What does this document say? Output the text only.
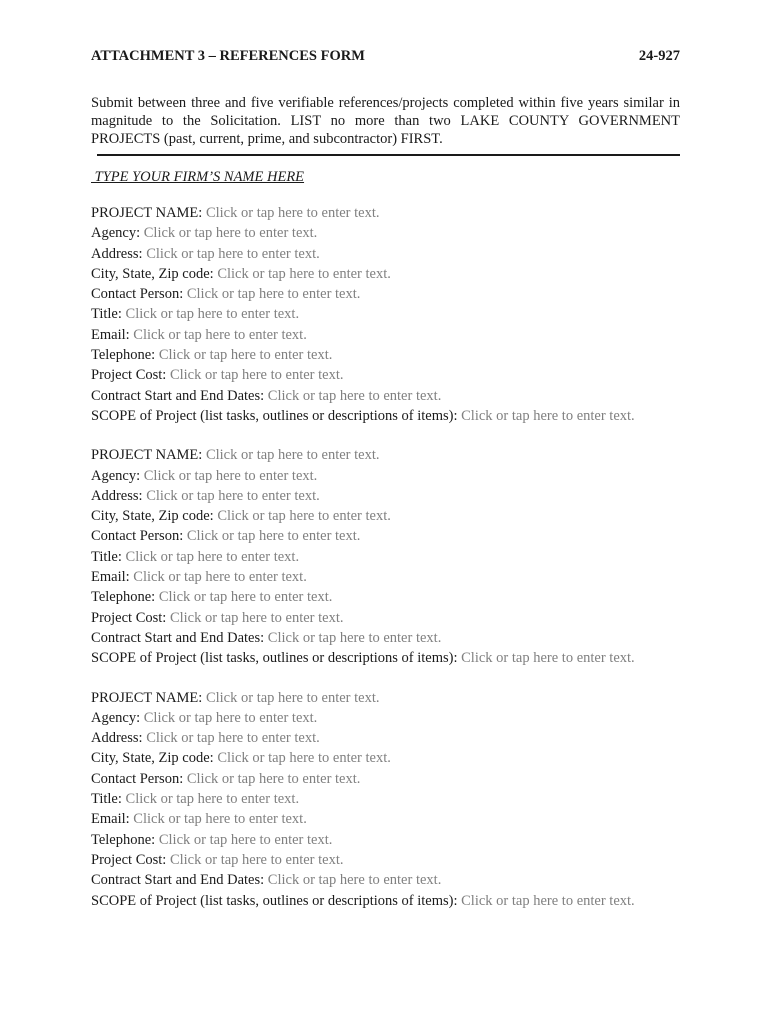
ATTACHMENT 3 – REFERENCES FORM	24-927
Submit between three and five verifiable references/projects completed within five years similar in magnitude to the Solicitation. LIST no more than two LAKE COUNTY GOVERNMENT PROJECTS (past, current, prime, and subcontractor) FIRST.
TYPE YOUR FIRM’S NAME HERE
PROJECT NAME: Click or tap here to enter text.
Agency: Click or tap here to enter text.
Address: Click or tap here to enter text.
City, State, Zip code: Click or tap here to enter text.
Contact Person: Click or tap here to enter text.
Title: Click or tap here to enter text.
Email: Click or tap here to enter text.
Telephone: Click or tap here to enter text.
Project Cost: Click or tap here to enter text.
Contract Start and End Dates: Click or tap here to enter text.
SCOPE of Project (list tasks, outlines or descriptions of items): Click or tap here to enter text.
PROJECT NAME: Click or tap here to enter text.
Agency: Click or tap here to enter text.
Address: Click or tap here to enter text.
City, State, Zip code: Click or tap here to enter text.
Contact Person: Click or tap here to enter text.
Title: Click or tap here to enter text.
Email: Click or tap here to enter text.
Telephone: Click or tap here to enter text.
Project Cost: Click or tap here to enter text.
Contract Start and End Dates: Click or tap here to enter text.
SCOPE of Project (list tasks, outlines or descriptions of items): Click or tap here to enter text.
PROJECT NAME: Click or tap here to enter text.
Agency: Click or tap here to enter text.
Address: Click or tap here to enter text.
City, State, Zip code: Click or tap here to enter text.
Contact Person: Click or tap here to enter text.
Title: Click or tap here to enter text.
Email: Click or tap here to enter text.
Telephone: Click or tap here to enter text.
Project Cost: Click or tap here to enter text.
Contract Start and End Dates: Click or tap here to enter text.
SCOPE of Project (list tasks, outlines or descriptions of items): Click or tap here to enter text.
